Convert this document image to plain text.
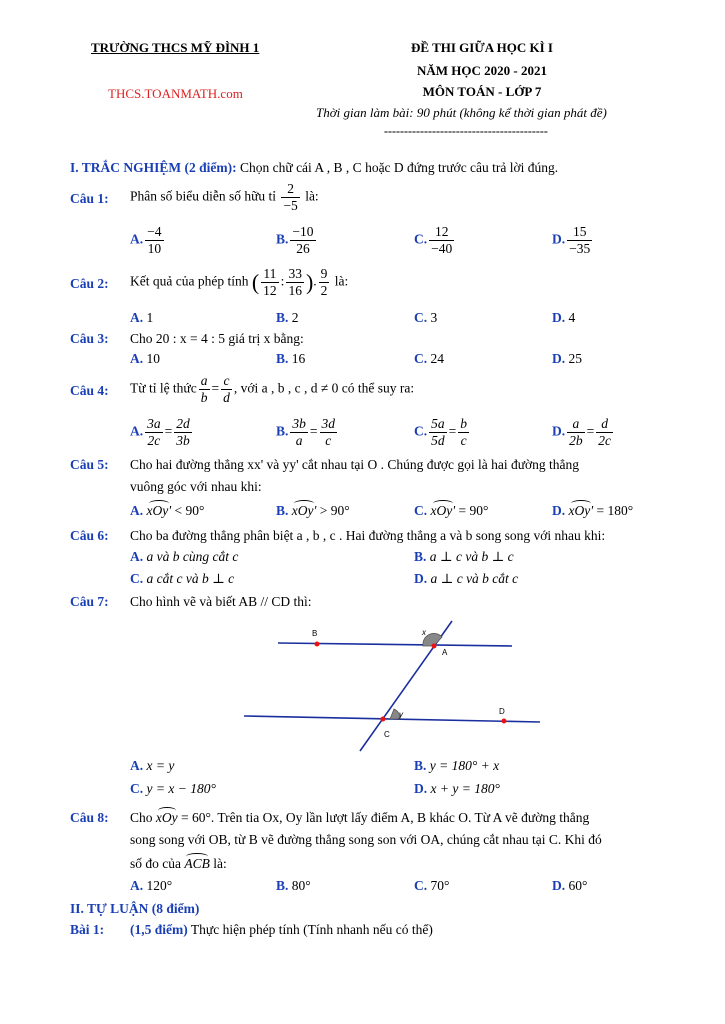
TRƯỜNG THCS MỸ ĐÌNH 1
THCS.TOANMATH.com
ĐỀ THI GIỮA HỌC KÌ I
NĂM HỌC 2020 - 2021
MÔN TOÁN - LỚP 7
Thời gian làm bài: 90 phút (không kể thời gian phát đề)
-----------------------------------------
I. TRẮC NGHIỆM (2 điểm): Chọn chữ cái A , B , C hoặc D đứng trước câu trả lời đúng.
Câu 1: Phân số biểu diễn số hữu tỉ $\frac{2}{-5}$ là:
A. $\frac{-4}{10}$	B. $\frac{-10}{26}$	C. $\frac{12}{-40}$	D. $\frac{15}{-35}$
Câu 2: Kết quả của phép tính ( $\frac{11}{12}$ : $\frac{33}{16}$ ). $\frac{9}{2}$ là:
A. 1	B. 2	C. 3	D. 4
Câu 3: Cho 20 : x = 4 : 5 giá trị x bằng:
A. 10	B. 16	C. 24	D. 25
Câu 4: Từ tỉ lệ thức $\frac{a}{b} = \frac{c}{d}$ , với a , b , c , d ≠ 0 có thể suy ra:
A. $\frac{3a}{2c} = \frac{2d}{3b}$	B. $\frac{3b}{a} = \frac{3d}{c}$	C. $\frac{5a}{5d} = \frac{b}{c}$	D. $\frac{a}{2b} = \frac{d}{2c}$
Câu 5: Cho hai đường thẳng xx' và yy' cắt nhau tại O . Chúng được gọi là hai đường thẳng
vuông góc với nhau khi:
A. xOy' < 90°	B. xOy' > 90°	C. xOy' = 90°	D. xOy' = 180°
Câu 6: Cho ba đường thẳng phân biệt a , b , c . Hai đường thẳng a và b song song với nhau khi:
A. a và b cùng cắt c	B. a ⊥ c và b ⊥ c
C. a cắt c và b ⊥ c	D. a ⊥ c và b cắt c
Câu 7: Cho hình vẽ và biết AB // CD thì:
B
A
C
D
x
y
A. x = y	B. y = 180° + x
C. y = x − 180°	D. x + y = 180°
Câu 8: Cho xOy = 60°. Trên tia Ox, Oy lần lượt lấy điểm A, B khác O. Từ A vẽ đường thẳng
song song với OB, từ B vẽ đường thẳng song son với OA, chúng cắt nhau tại C. Khi đó
số đo của ACB là:
A. 120°	B. 80°	C. 70°	D. 60°
II. TỰ LUẬN (8 điểm)
Bài 1: (1,5 điểm) Thực hiện phép tính (Tính nhanh nếu có thể)
